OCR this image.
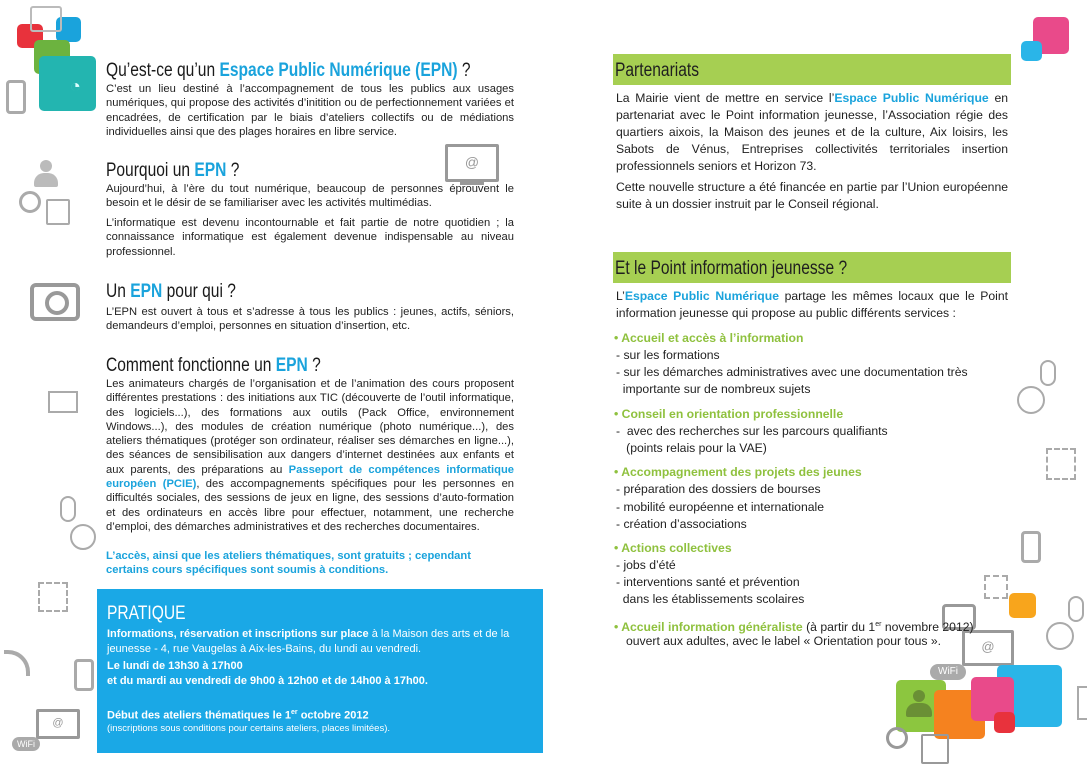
◔
@
WiFi
@
@
WiFi
Qu’est-ce qu’un Espace Public Numérique (EPN) ?
C’est un lieu destiné à l’accompagnement de tous les publics aux usages numériques, qui propose des activités d’initition ou de perfectionnement variées et encadrées, de certification par le biais d’ateliers collectifs ou de médiations individuelles ainsi que des plages horaires en libre service.
Pourquoi un EPN ?
Aujourd’hui, à l’ère du tout numérique, beaucoup de personnes éprouvent le besoin et le désir de se familiariser avec les activités multimédias.
L’informatique est devenu incontournable et fait partie de notre quotidien ; la connaissance informatique est également devenue indispensable au niveau professionnel.
Un EPN pour qui ?
L’EPN est ouvert à tous et s’adresse à tous les publics : jeunes, actifs, séniors, demandeurs d’emploi, personnes en situation d’insertion, etc.
Comment fonctionne un EPN ?
Les animateurs chargés de l’organisation et de l’animation des cours proposent différentes prestations : des initiations aux TIC (découverte de l’outil informatique, des logiciels...), des formations aux outils (Pack Office, environnement Windows...), des modules de création numérique (photo numérique...), des ateliers thématiques (protéger son ordinateur, réaliser ses démarches en ligne...), des séances de sensibilisation aux dangers d’internet destinées aux enfants et aux parents, des préparations au Passeport de compétences informatique européen (PCIE), des accompagnements spécifiques pour les personnes en difficultés sociales, des sessions de jeux en ligne, des sessions d’auto-formation et des ordinateurs en accès libre pour effectuer, notamment, une recherche d’emploi, des démarches administratives et des recherches documentaires.
L’accès, ainsi que les ateliers thématiques, sont gratuits ; cependant certains cours spécifiques sont soumis à conditions.
PRATIQUE
Informations, réservation et inscriptions sur place à la Maison des arts et de la jeunesse - 4, rue Vaugelas à Aix-les-Bains, du lundi au vendredi.
Le lundi de 13h30 à 17h00
et du mardi au vendredi de 9h00 à 12h00 et de 14h00 à 17h00.
Début des ateliers thématiques le 1er octobre 2012
(inscriptions sous conditions pour certains ateliers, places limitées).
Partenariats
La Mairie vient de mettre en service l’Espace Public Numérique en partenariat avec le Point information jeunesse, l’Association régie des quartiers aixois, la Maison des jeunes et de la culture, Aix loisirs, les Sabots de Vénus, Entreprises collectivités territoriales insertion professionnels seniors et Horizon 73.
Cette nouvelle structure a été financée en partie par l’Union européenne suite à un dossier instruit par le Conseil régional.
Et le Point information jeunesse ?
L’Espace Public Numérique partage les mêmes locaux que le Point information jeunesse qui propose au public différents services :
• Accueil et accès à l’information
- sur les formations
- sur les démarches administratives avec une documentation très
importante sur de nombreux sujets
• Conseil en orientation professionnelle
-  avec des recherches sur les parcours qualifiants
(points relais pour la VAE)
• Accompagnement des projets des jeunes
- préparation des dossiers de bourses
- mobilité européenne et internationale
- création d’associations
• Actions collectives
- jobs d’été
- interventions santé et prévention
dans les établissements scolaires
• Accueil information généraliste (à partir du 1er novembre 2012)
ouvert aux adultes, avec le label « Orientation pour tous ».
